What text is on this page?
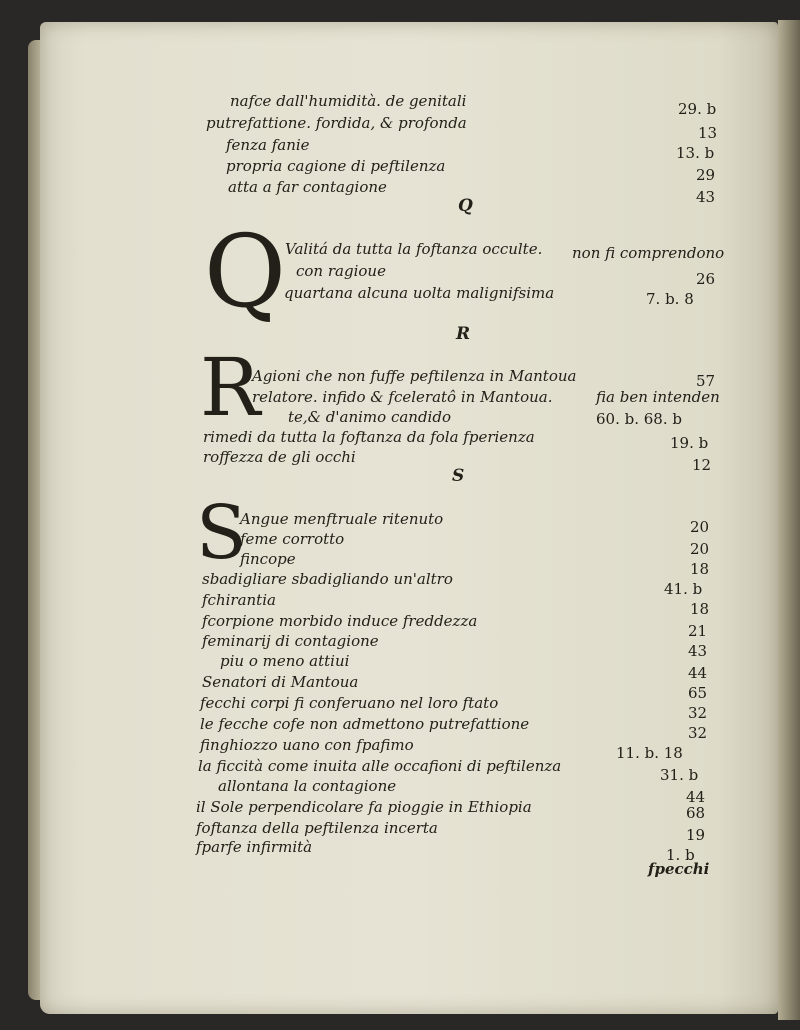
Q
R
S
Q
R
S
fpecchi
nafce dall'humidità. de genitali
putrefattione. fordida, & profonda
fenza fanie
propria cagione di peftilenza
atta a far contagione
Valitá da tutta la foftanza occulte. non fi comprendono
con ragioue
quartana alcuna uolta malignifsima
Agioni che non fuffe peftilenza in Mantoua
relatore. infido & fceleratô in Mantoua.	fia ben intenden
te,& d'animo candido
rimedi da tutta la foftanza da fola fperienza
roffezza de gli occhi
Angue menftruale ritenuto
feme corrotto
fincope
sbadigliare sbadigliando un'altro
fchirantia
fcorpione morbido induce freddezza
feminarij di contagione
piu o meno attiui
Senatori di Mantoua
fecchi corpi fi conferuano nel loro ftato
le fecche cofe non admettono putrefattione
finghiozzo uano con fpafimo
la ficcità come inuita alle occafioni di peftilenza
allontana la contagione
il Sole perpendicolare fa pioggie in Ethiopia
foftanza della peftilenza incerta
fparfe infirmità
29. b
13
13. b
29
43
26
7. b. 8
57
60. b. 68. b
19. b
12
20
20
18
41. b
18
21
43
44
65
32
32
11. b. 18
31. b
44
68
19
1. b
